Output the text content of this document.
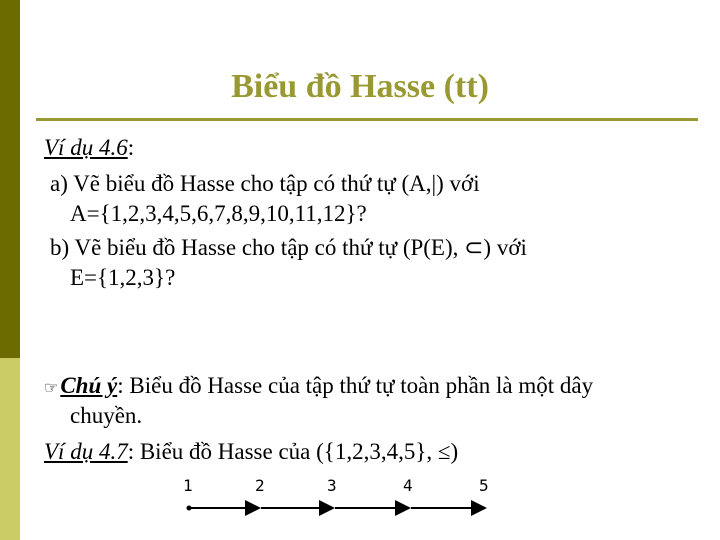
Biểu đồ Hasse (tt)
Ví dụ 4.6:
a) Vẽ biểu đồ Hasse cho tập có thứ tự (A,|) với
A={1,2,3,4,5,6,7,8,9,10,11,12}?
b) Vẽ biểu đồ Hasse cho tập có thứ tự (P(E), ⊂) với
E={1,2,3}?
☞Chú ý: Biểu đồ Hasse của tập thứ tự toàn phần là một dây
chuyền.
Ví dụ 4.7: Biểu đồ Hasse của ({1,2,3,4,5}, ≤)
1	2	3	4	5
